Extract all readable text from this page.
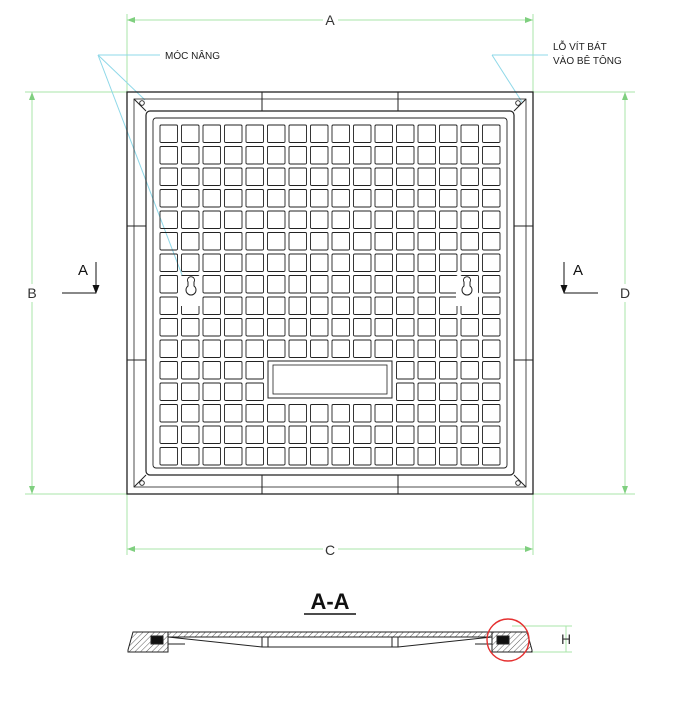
A
C
B	D
H
MÓC NÂNG
LỖ VÍT BÁT
VÀO BÊ TÔNG
A	A
A-A
